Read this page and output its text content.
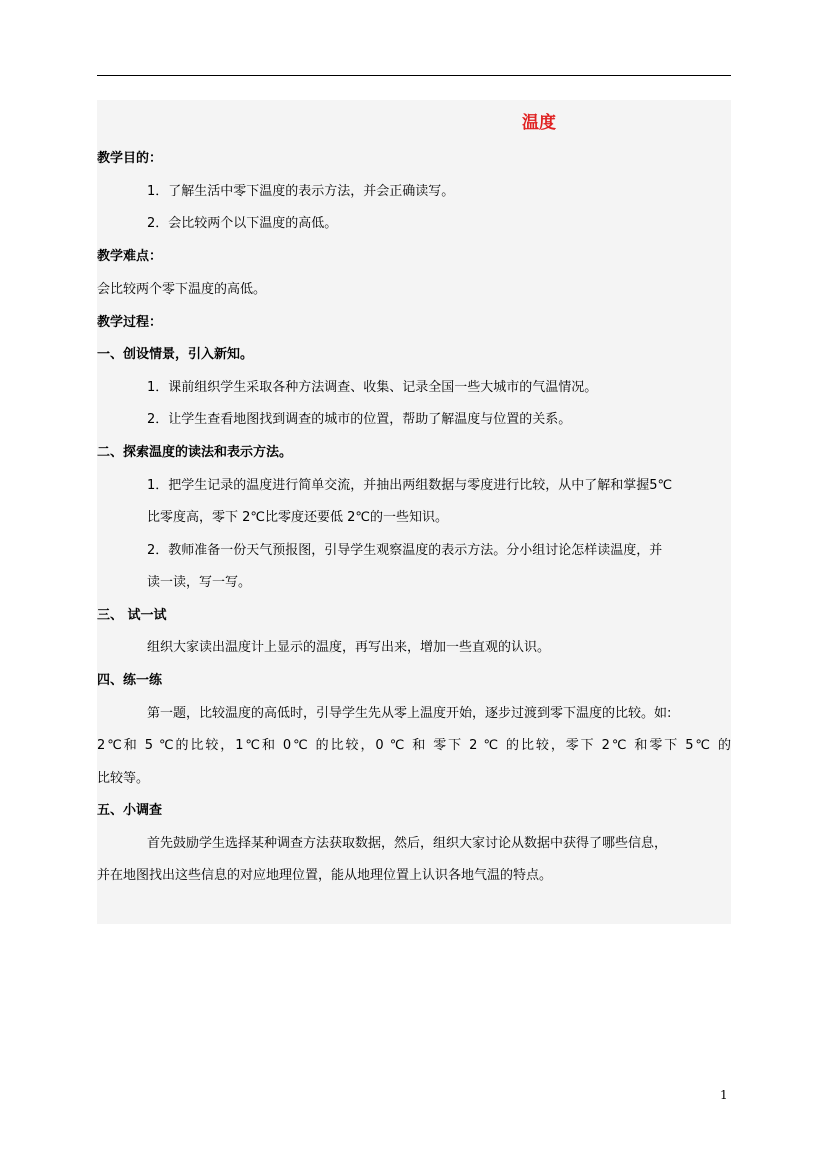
温度
教学目的：
1．了解生活中零下温度的表示方法，并会正确读写。
2．会比较两个以下温度的高低。
教学难点：
会比较两个零下温度的高低。
教学过程：
一、创设情景，引入新知。
1．课前组织学生采取各种方法调查、收集、记录全国一些大城市的气温情况。
2．让学生查看地图找到调查的城市的位置，帮助了解温度与位置的关系。
二、探索温度的读法和表示方法。
1．把学生记录的温度进行简单交流，并抽出两组数据与零度进行比较，从中了解和掌握5℃
比零度高，零下 2℃比零度还要低 2℃的一些知识。
2．教师准备一份天气预报图，引导学生观察温度的表示方法。分小组讨论怎样读温度，并
读一读，写一写。
三、 试一试
组织大家读出温度计上显示的温度，再写出来，增加一些直观的认识。
四、练一练
第一题，比较温度的高低时，引导学生先从零上温度开始，逐步过渡到零下温度的比较。如:
2℃和 5 ℃的比较，1℃和 0℃ 的比较，0 ℃ 和 零下 2 ℃ 的比较，零下 2℃ 和零下 5℃ 的
比较等。
五、小调查
首先鼓励学生选择某种调查方法获取数据，然后，组织大家讨论从数据中获得了哪些信息，
并在地图找出这些信息的对应地理位置，能从地理位置上认识各地气温的特点。
1
